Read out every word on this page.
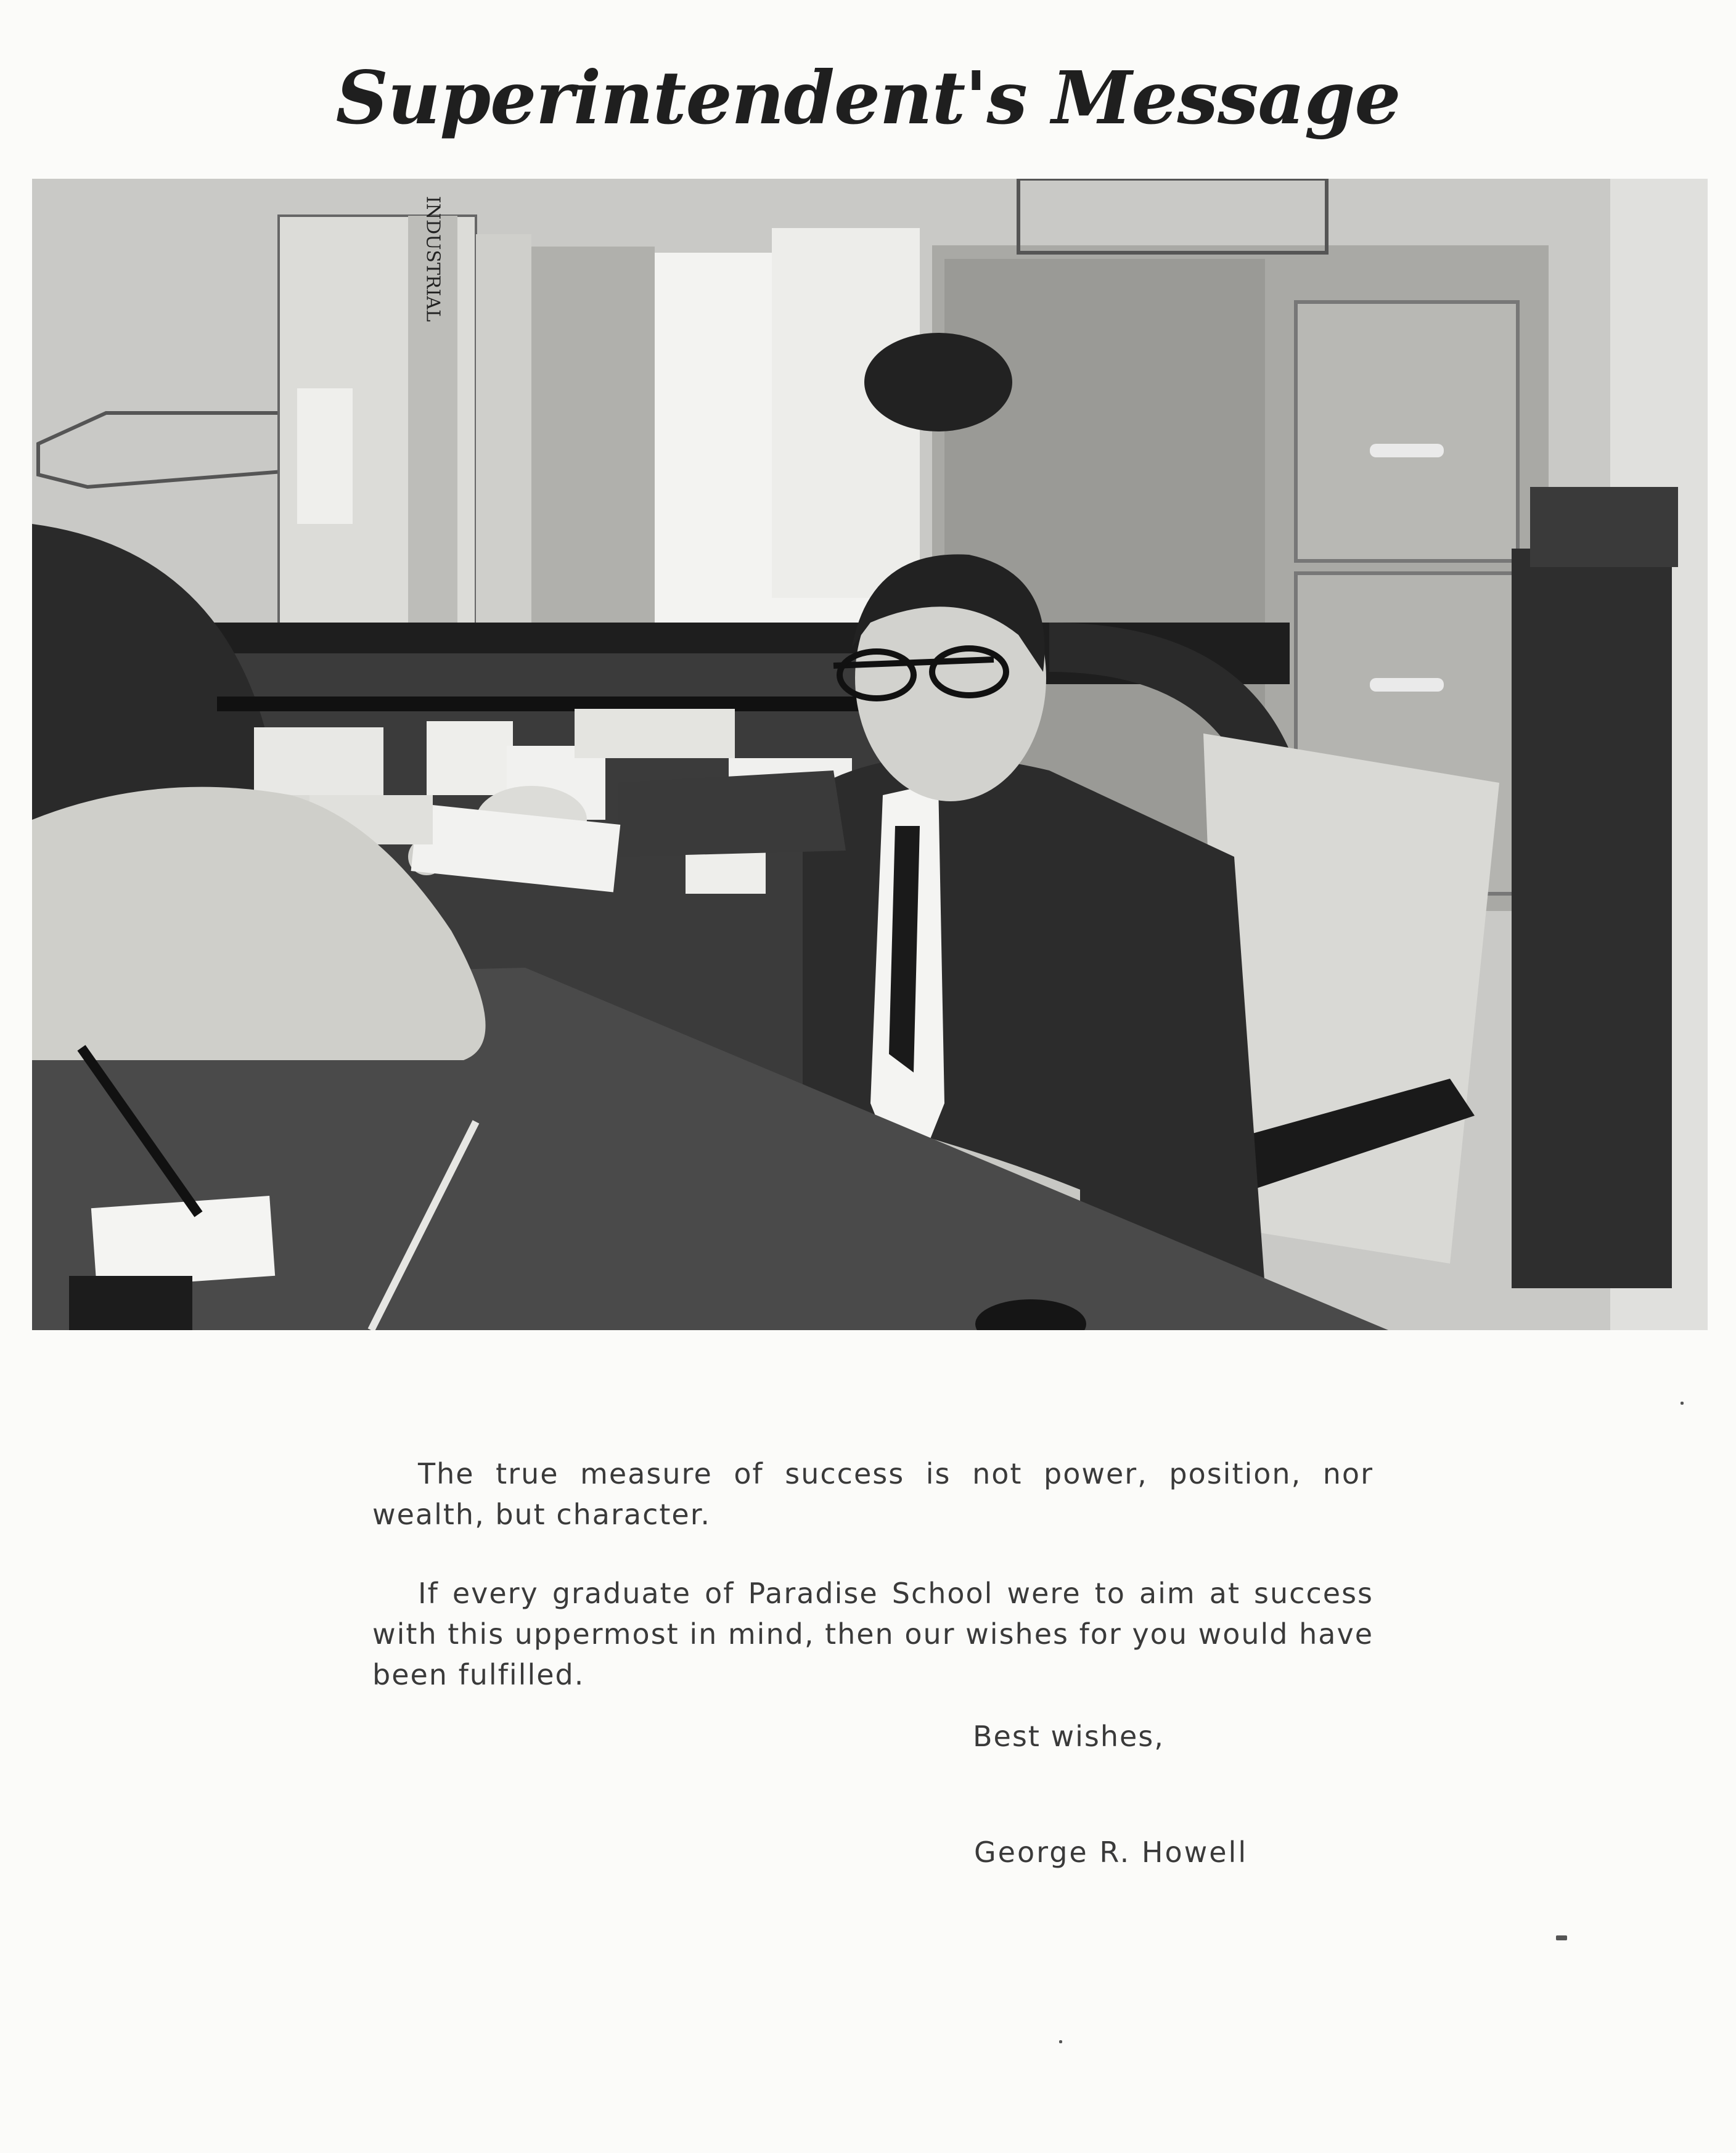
Superintendent's Message
INDUSTRIAL

The true measure of success is not power, position, nor wealth, but character.

If every graduate of Paradise School were to aim at success with this uppermost in mind, then our wishes for you would have been fulfilled.

Best wishes,
George R. Howell
